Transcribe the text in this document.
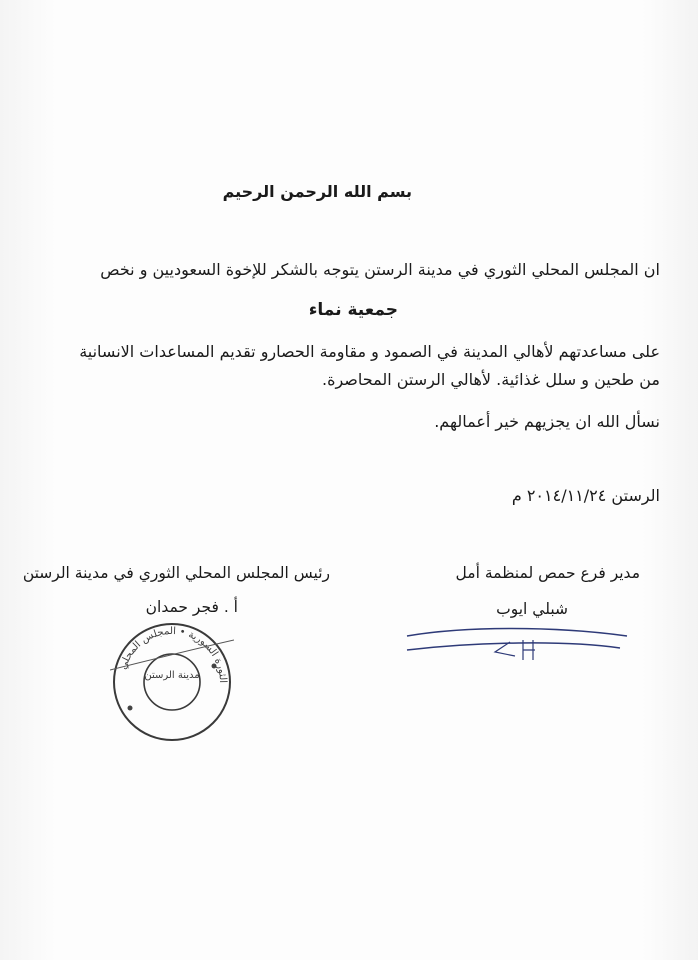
بسم الله الرحمن الرحيم
ان المجلس المحلي الثوري في مدينة الرستن يتوجه بالشكر للإخوة السعوديين و نخص
جمعية نماء
على مساعدتهم لأهالي المدينة في الصمود و مقاومة الحصارو تقديم المساعدات الانسانية
من طحين و سلل غذائية. لأهالي الرستن المحاصرة.
نسأل الله ان يجزيهم خير أعمالهم.
الرستن ٢٠١٤/١١/٢٤ م
مدير فرع حمص لمنظمة أمل
شبلي ايوب
رئيس المجلس المحلي الثوري في مدينة الرستن
أ . فجر حمدان
مدينة الرستن
الثورة السورية • المجلس المحلي
